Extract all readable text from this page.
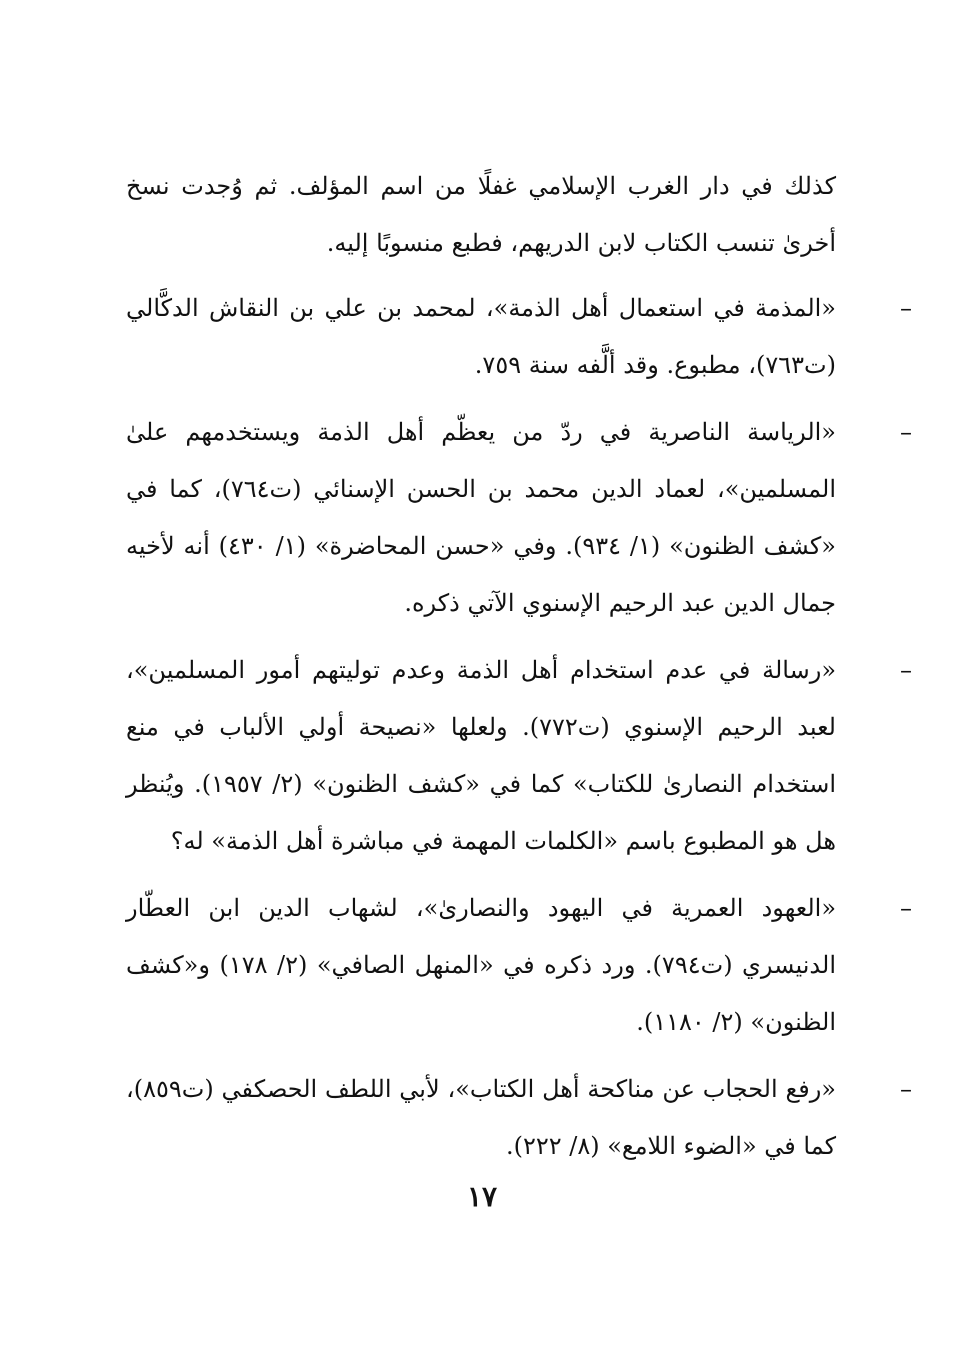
كذلك في دار الغرب الإسلامي غفلًا من اسم المؤلف. ثم وُجدت نسخ أخرىٰ تنسب الكتاب لابن الدريهم، فطبع منسوبًا إليه.

–
«المذمة في استعمال أهل الذمة»، لمحمد بن علي بن النقاش الدكَّالي (ت٧٦٣)، مطبوع. وقد ألَّفه سنة ٧٥٩.
–
«الرياسة الناصرية في ردّ من يعظّم أهل الذمة ويستخدمهم علىٰ المسلمين»، لعماد الدين محمد بن الحسن الإسنائي (ت٧٦٤)، كما في «كشف الظنون» (١/ ٩٣٤). وفي «حسن المحاضرة» (١/ ٤٣٠) أنه لأخيه جمال الدين عبد الرحيم الإسنوي الآتي ذكره.
–
«رسالة في عدم استخدام أهل الذمة وعدم توليتهم أمور المسلمين»، لعبد الرحيم الإسنوي (ت٧٧٢). ولعلها «نصيحة أولي الألباب في منع استخدام النصارىٰ للكتاب» كما في «كشف الظنون» (٢/ ١٩٥٧). ويُنظر هل هو المطبوع باسم «الكلمات المهمة في مباشرة أهل الذمة» له؟
–
«العهود العمرية في اليهود والنصارىٰ»، لشهاب الدين ابن العطّار الدنيسري (ت٧٩٤). ورد ذكره في «المنهل الصافي» (٢/ ١٧٨) و«كشف الظنون» (٢/ ١١٨٠).
–
«رفع الحجاب عن مناكحة أهل الكتاب»، لأبي اللطف الحصكفي (ت٨٥٩)، كما في «الضوء اللامع» (٨/ ٢٢٢).
١٧
